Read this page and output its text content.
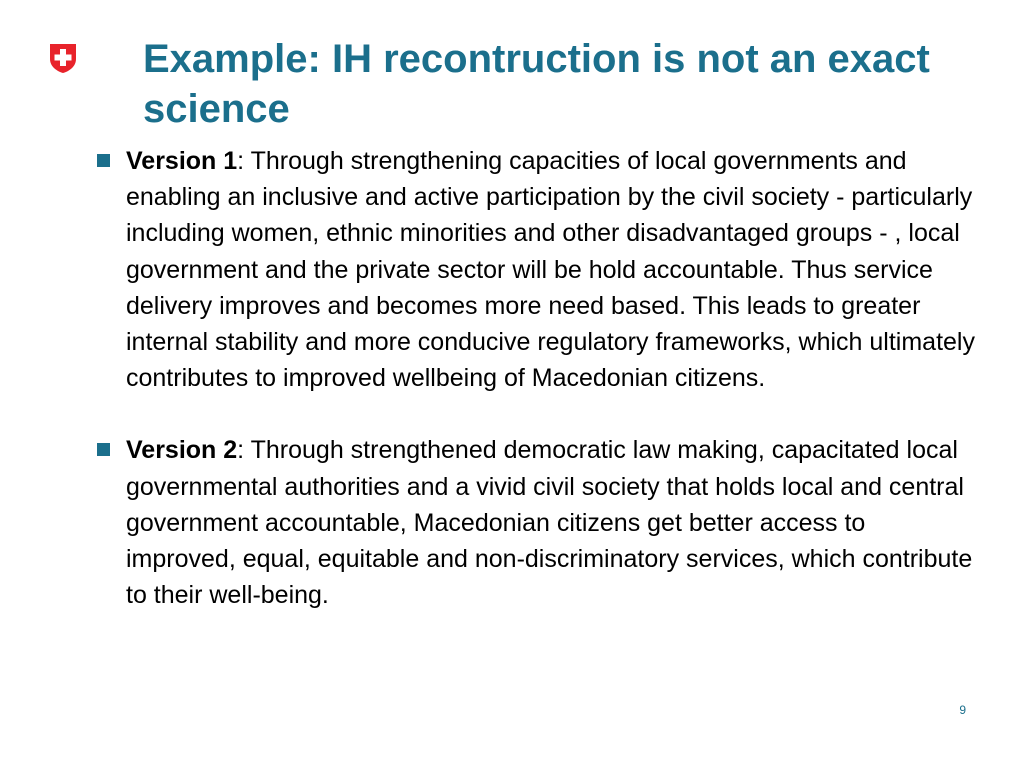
Example: IH recontruction is not an exact science
Version 1: Through strengthening capacities of local governments and enabling an inclusive and active participation by the civil society - particularly including women, ethnic minorities and other disadvantaged groups - , local government and the private sector will be hold accountable. Thus service delivery improves and becomes more need based. This leads to greater internal stability and more conducive regulatory frameworks, which ultimately contributes to improved wellbeing of Macedonian citizens.
Version 2: Through strengthened democratic law making, capacitated local governmental authorities and a vivid civil society that holds local and central government accountable, Macedonian citizens get better access to improved, equal, equitable and non-discriminatory services, which contribute to their well-being.
9
